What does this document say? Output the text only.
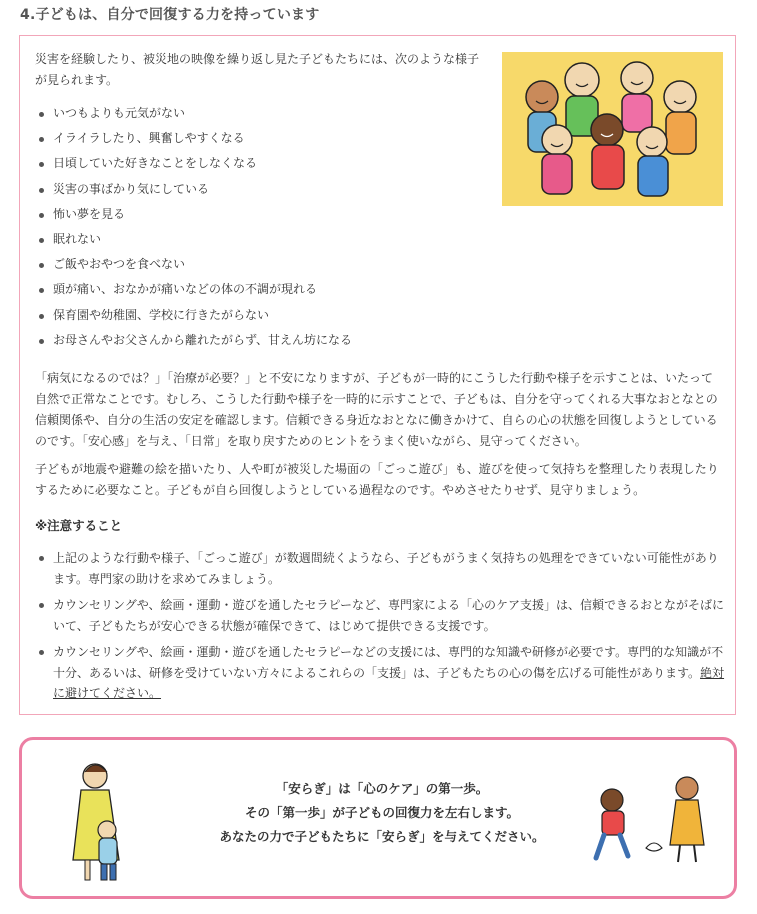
4.子どもは、自分で回復する力を持っています
災害を経験したり、被災地の映像を繰り返し見た子どもたちには、次のような様子が見られます。
いつもよりも元気がない
イライラしたり、興奮しやすくなる
日頃していた好きなことをしなくなる
災害の事ばかり気にしている
怖い夢を見る
眠れない
ご飯やおやつを食べない
頭が痛い、おなかが痛いなどの体の不調が現れる
保育園や幼稚園、学校に行きたがらない
お母さんやお父さんから離れたがらず、甘えん坊になる
「病気になるのでは？」「治療が必要？」と不安になりますが、子どもが一時的にこうした行動や様子を示すことは、いたって自然で正常なことです。むしろ、こうした行動や様子を一時的に示すことで、子どもは、自分を守ってくれる大事なおとなとの信頼関係や、自分の生活の安定を確認します。信頼できる身近なおとなに働きかけて、自らの心の状態を回復しようとしているのです。「安心感」を与え、「日常」を取り戻すためのヒントをうまく使いながら、見守ってください。
子どもが地震や避難の絵を描いたり、人や町が被災した場面の「ごっこ遊び」も、遊びを使って気持ちを整理したり表現したりするために必要なこと。子どもが自ら回復しようとしている過程なのです。やめさせたりせず、見守りましょう。
※注意すること
上記のような行動や様子、「ごっこ遊び」が数週間続くようなら、子どもがうまく気持ちの処理をできていない可能性があります。専門家の助けを求めてみましょう。
カウンセリングや、絵画・運動・遊びを通したセラピーなど、専門家による「心のケア支援」は、信頼できるおとながそばにいて、子どもたちが安心できる状態が確保できて、はじめて提供できる支援です。
カウンセリングや、絵画・運動・遊びを通したセラピーなどの支援には、専門的な知識や研修が必要です。専門的な知識が不十分、あるいは、研修を受けていない方々によるこれらの「支援」は、子どもたちの心の傷を広げる可能性があります。絶対に避けてください。
「安らぎ」は「心のケア」の第一歩。
その「第一歩」が子どもの回復力を左右します。
あなたの力で子どもたちに「安らぎ」を与えてください。
